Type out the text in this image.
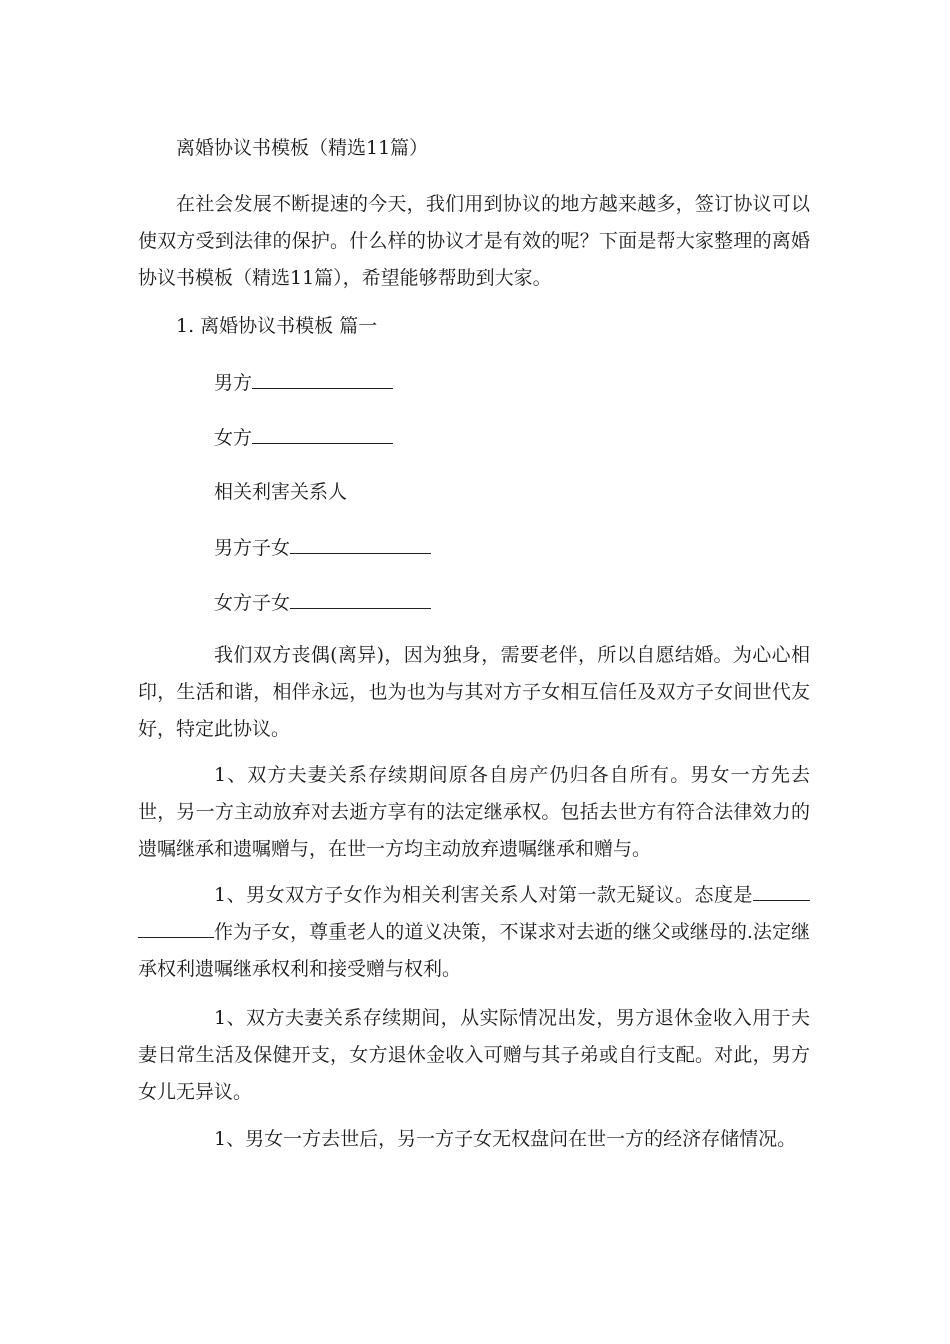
离婚协议书模板（精选11篇）

在社会发展不断提速的今天，我们用到协议的地方越来越多，签订协议可以使双方受到法律的保护。什么样的协议才是有效的呢？下面是帮大家整理的离婚协议书模板（精选11篇），希望能够帮助到大家。

1. 离婚协议书模板 篇一
男方
女方
相关利害关系人
男方子女
女方子女

我们双方丧偶(离异)，因为独身，需要老伴，所以自愿结婚。为心心相印，生活和谐，相伴永远，也为也为与其对方子女相互信任及双方子女间世代友好，特定此协议。

1、双方夫妻关系存续期间原各自房产仍归各自所有。男女一方先去世，另一方主动放弃对去逝方享有的法定继承权。包括去世方有符合法律效力的遗嘱继承和遗嘱赠与，在世一方均主动放弃遗嘱继承和赠与。

1、男女双方子女作为相关利害关系人对第一款无疑议。态度是作为子女，尊重老人的道义决策，不谋求对去逝的继父或继母的.法定继承权利遗嘱继承权利和接受赠与权利。

1、双方夫妻关系存续期间，从实际情况出发，男方退休金收入用于夫妻日常生活及保健开支，女方退休金收入可赠与其子弟或自行支配。对此，男方女儿无异议。

1、男女一方去世后，另一方子女无权盘问在世一方的经济存储情况。
